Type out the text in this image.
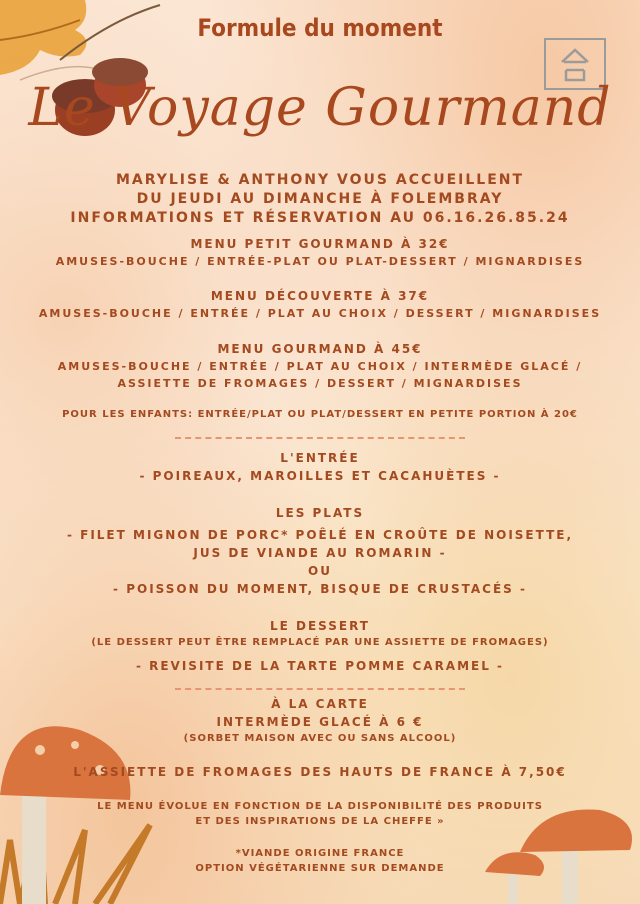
Formule du moment
Le Voyage Gourmand
MARYLISE & ANTHONY VOUS ACCUEILLENT
DU JEUDI AU DIMANCHE À FOLEMBRAY
INFORMATIONS ET RÉSERVATION AU 06.16.26.85.24
MENU PETIT GOURMAND À 32€
AMUSES-BOUCHE / ENTRÉE-PLAT OU PLAT-DESSERT / MIGNARDISES
MENU DÉCOUVERTE À 37€
AMUSES-BOUCHE / ENTRÉE / PLAT AU CHOIX / DESSERT / MIGNARDISES
MENU GOURMAND À 45€
AMUSES-BOUCHE / ENTRÉE / PLAT AU CHOIX / INTERMÈDE GLACÉ /
ASSIETTE DE FROMAGES / DESSERT / MIGNARDISES
POUR LES ENFANTS: ENTRÉE/PLAT OU PLAT/DESSERT EN PETITE PORTION À 20€
L'ENTRÉE
- POIREAUX, MAROILLES ET CACAHUÈTES -
LES PLATS
- FILET MIGNON DE PORC* POÊLÉ EN CROÛTE DE NOISETTE,
JUS DE VIANDE AU ROMARIN -
OU
- POISSON DU MOMENT, BISQUE DE CRUSTACÉS -
LE DESSERT
(LE DESSERT PEUT ÊTRE REMPLACÉ PAR UNE ASSIETTE DE FROMAGES)
- REVISITE DE LA TARTE POMME CARAMEL -
À LA CARTE
INTERMÈDE GLACÉ À 6 €
(SORBET MAISON AVEC OU SANS ALCOOL)
L'ASSIETTE DE FROMAGES DES HAUTS DE FRANCE À 7,50€
LE MENU ÉVOLUE EN FONCTION DE LA DISPONIBILITÉ DES PRODUITS
ET DES INSPIRATIONS DE LA CHEFFE »
*VIANDE ORIGINE FRANCE
OPTION VÉGÉTARIENNE SUR DEMANDE
